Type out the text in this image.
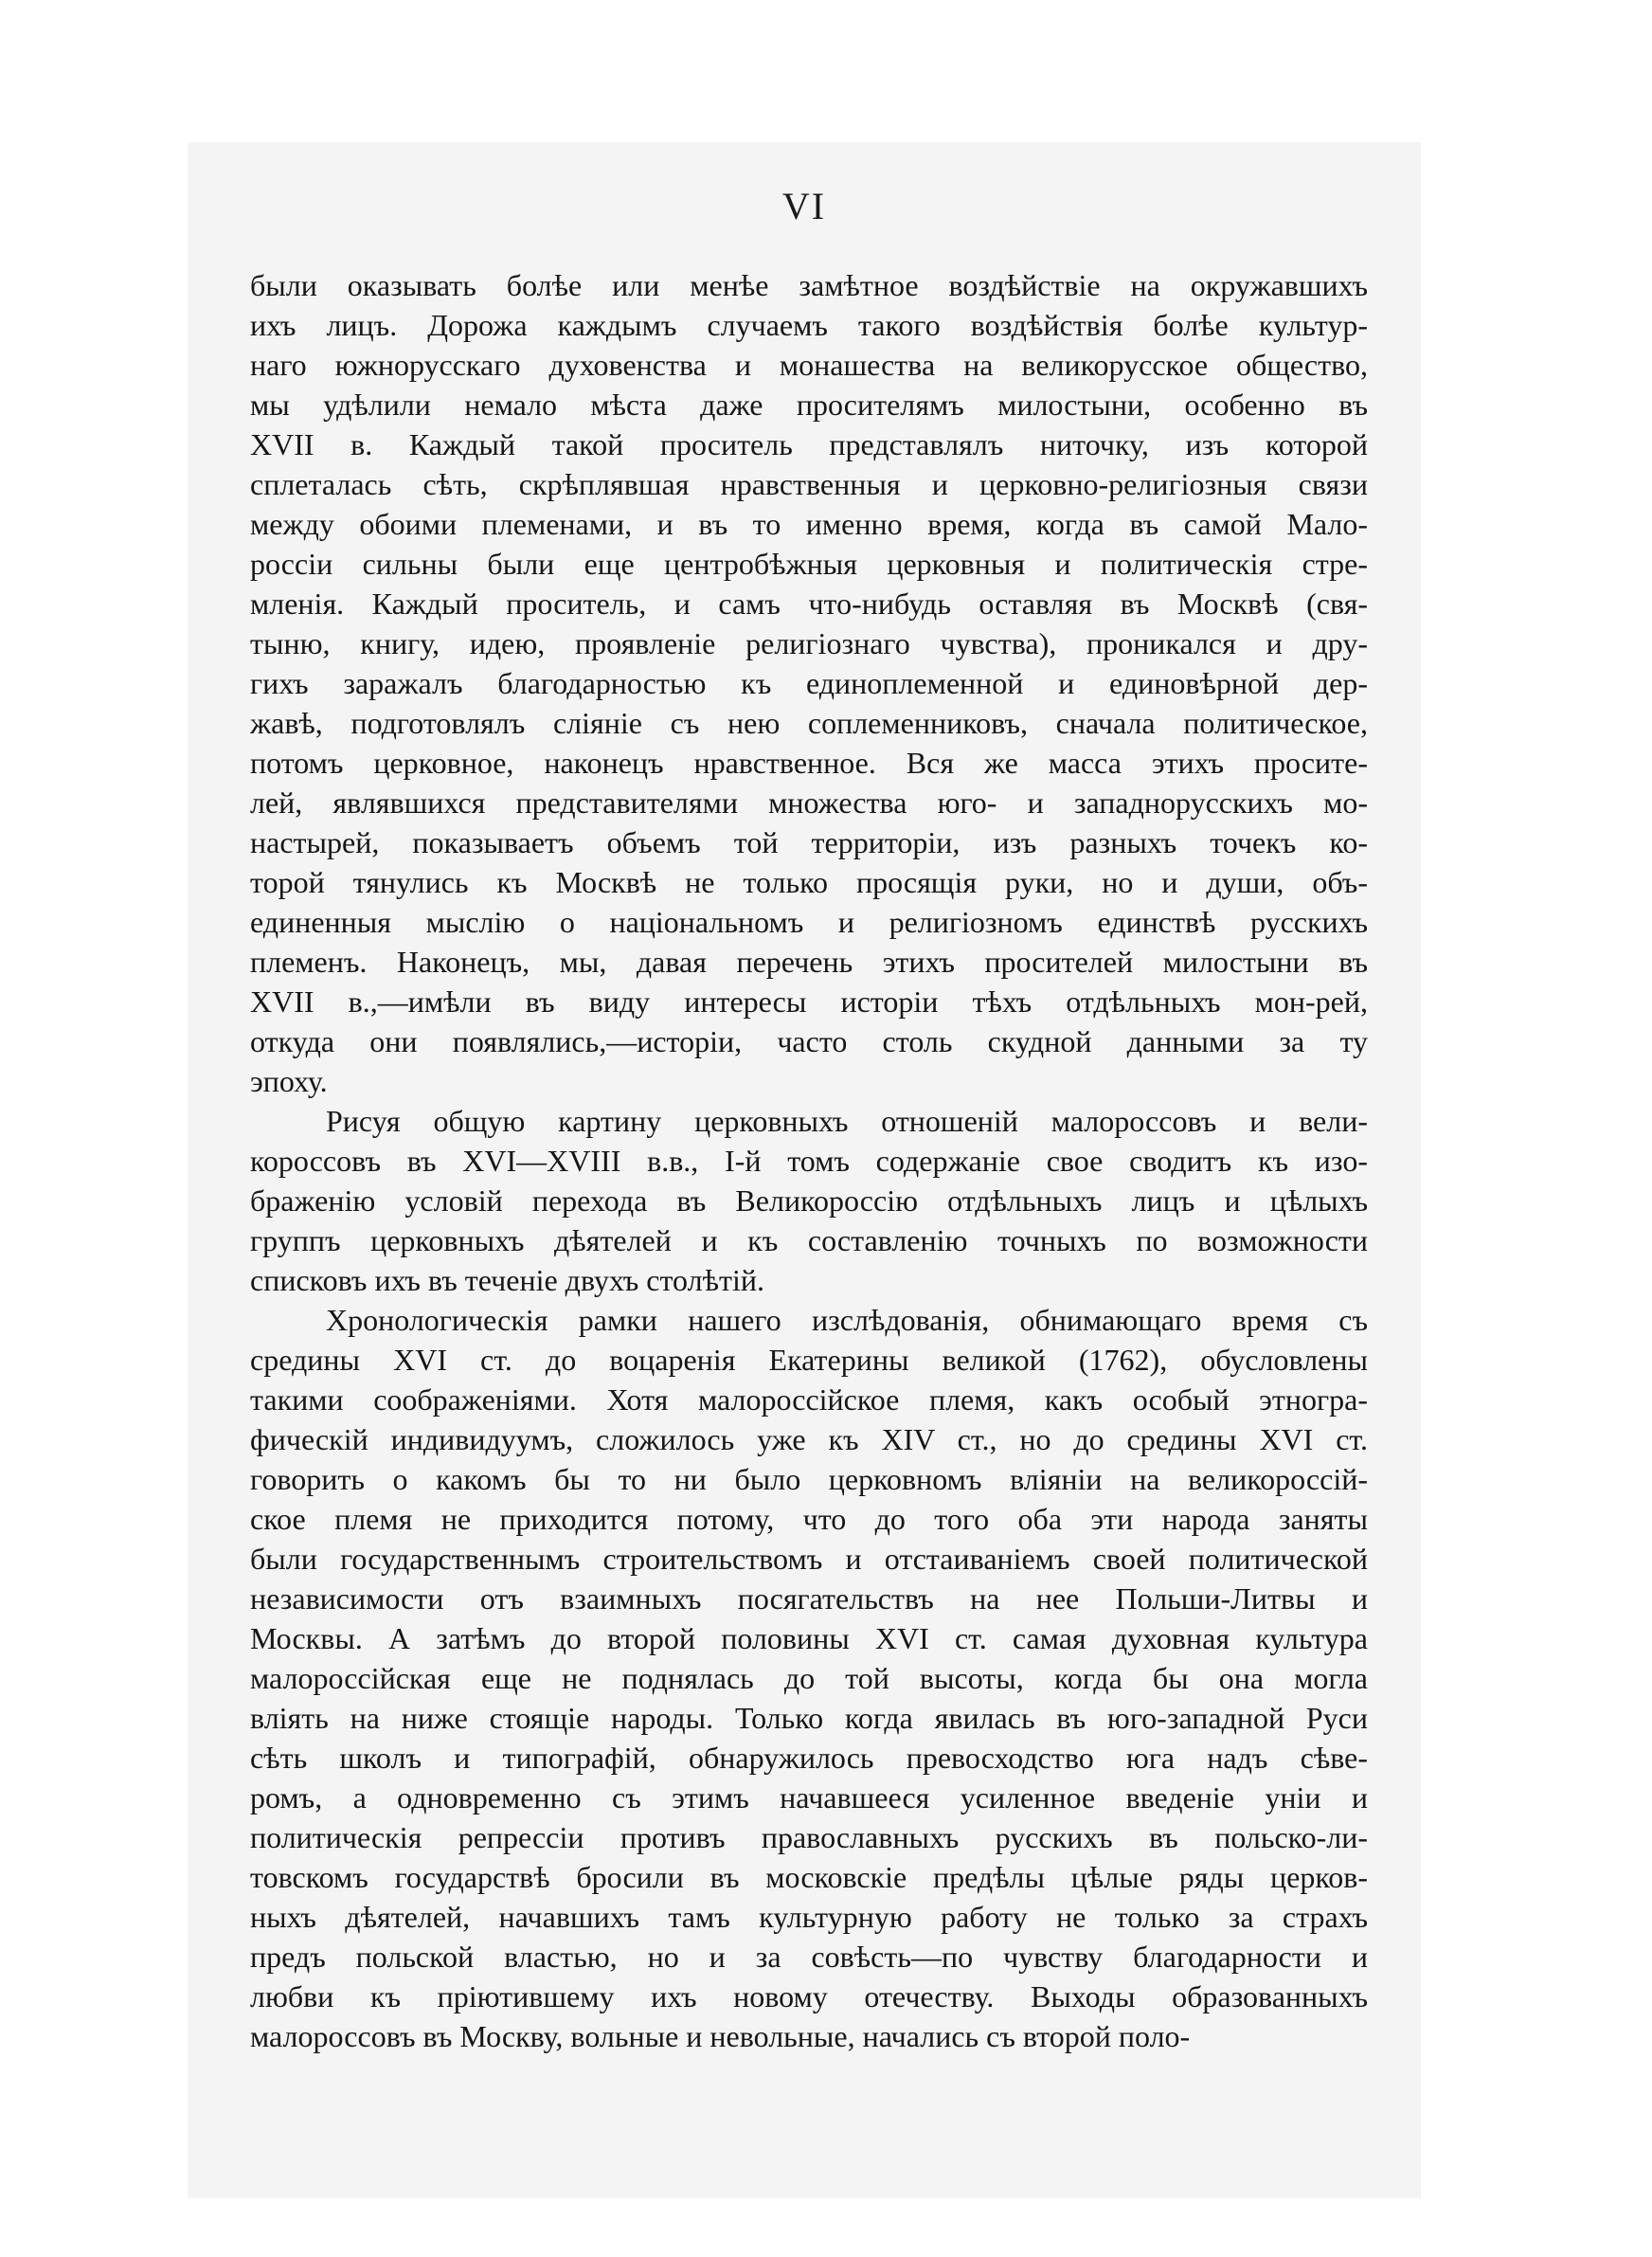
VI
были оказывать болѣе или менѣе замѣтное воздѣйствіе на окружавшихъ
ихъ лицъ. Дорожа каждымъ случаемъ такого воздѣйствія болѣе культур-
наго южнорусскаго духовенства и монашества на великорусское общество,
мы удѣлили немало мѣста даже просителямъ милостыни, особенно въ
XVII в. Каждый такой проситель представлялъ ниточку, изъ которой
сплеталась сѣть, скрѣплявшая нравственныя и церковно-религіозныя связи
между обоими племенами, и въ то именно время, когда въ самой Мало-
россіи сильны были еще центробѣжныя церковныя и политическія стре-
мленія. Каждый проситель, и самъ что-нибудь оставляя въ Москвѣ (свя-
тыню, книгу, идею, проявленіе религіознаго чувства), проникался и дру-
гихъ заражалъ благодарностью къ единоплеменной и единовѣрной дер-
жавѣ, подготовлялъ сліяніе съ нею соплеменниковъ, сначала политическое,
потомъ церковное, наконецъ нравственное. Вся же масса этихъ просите-
лей, являвшихся представителями множества юго- и западнорусскихъ мо-
настырей, показываетъ объемъ той территоріи, изъ разныхъ точекъ ко-
торой тянулись къ Москвѣ не только просящія руки, но и души, объ-
единенныя мыслію о національномъ и религіозномъ единствѣ русскихъ
племенъ. Наконецъ, мы, давая перечень этихъ просителей милостыни въ
XVII в.,—имѣли въ виду интересы исторіи тѣхъ отдѣльныхъ мон-рей,
откуда они появлялись,—исторіи, часто столь скудной данными за ту
эпоху.
Рисуя общую картину церковныхъ отношеній малороссовъ и вели-
короссовъ въ XVI—XVIII в.в., I-й томъ содержаніе свое сводитъ къ изо-
браженію условій перехода въ Великороссію отдѣльныхъ лицъ и цѣлыхъ
группъ церковныхъ дѣятелей и къ составленію точныхъ по возможности
списковъ ихъ въ теченіе двухъ столѣтій.
Хронологическія рамки нашего изслѣдованія, обнимающаго время съ
средины XVI ст. до воцаренія Екатерины великой (1762), обусловлены
такими соображеніями. Хотя малороссійское племя, какъ особый этногра-
фическій индивидуумъ, сложилось уже къ XIV ст., но до средины XVI ст.
говорить о какомъ бы то ни было церковномъ вліяніи на великороссій-
ское племя не приходится потому, что до того оба эти народа заняты
были государственнымъ строительствомъ и отстаиваніемъ своей политической
независимости отъ взаимныхъ посягательствъ на нее Польши-Литвы и
Москвы. А затѣмъ до второй половины XVI ст. самая духовная культура
малороссійская еще не поднялась до той высоты, когда бы она могла
вліять на ниже стоящіе народы. Только когда явилась въ юго-западной Руси
сѣть школъ и типографій, обнаружилось превосходство юга надъ сѣве-
ромъ, а одновременно съ этимъ начавшееся усиленное введеніе уніи и
политическія репрессіи противъ православныхъ русскихъ въ польско-ли-
товскомъ государствѣ бросили въ московскіе предѣлы цѣлые ряды церков-
ныхъ дѣятелей, начавшихъ тамъ культурную работу не только за страхъ
предъ польской властью, но и за совѣсть—по чувству благодарности и
любви къ пріютившему ихъ новому отечеству. Выходы образованныхъ
малороссовъ въ Москву, вольные и невольные, начались съ второй поло-
